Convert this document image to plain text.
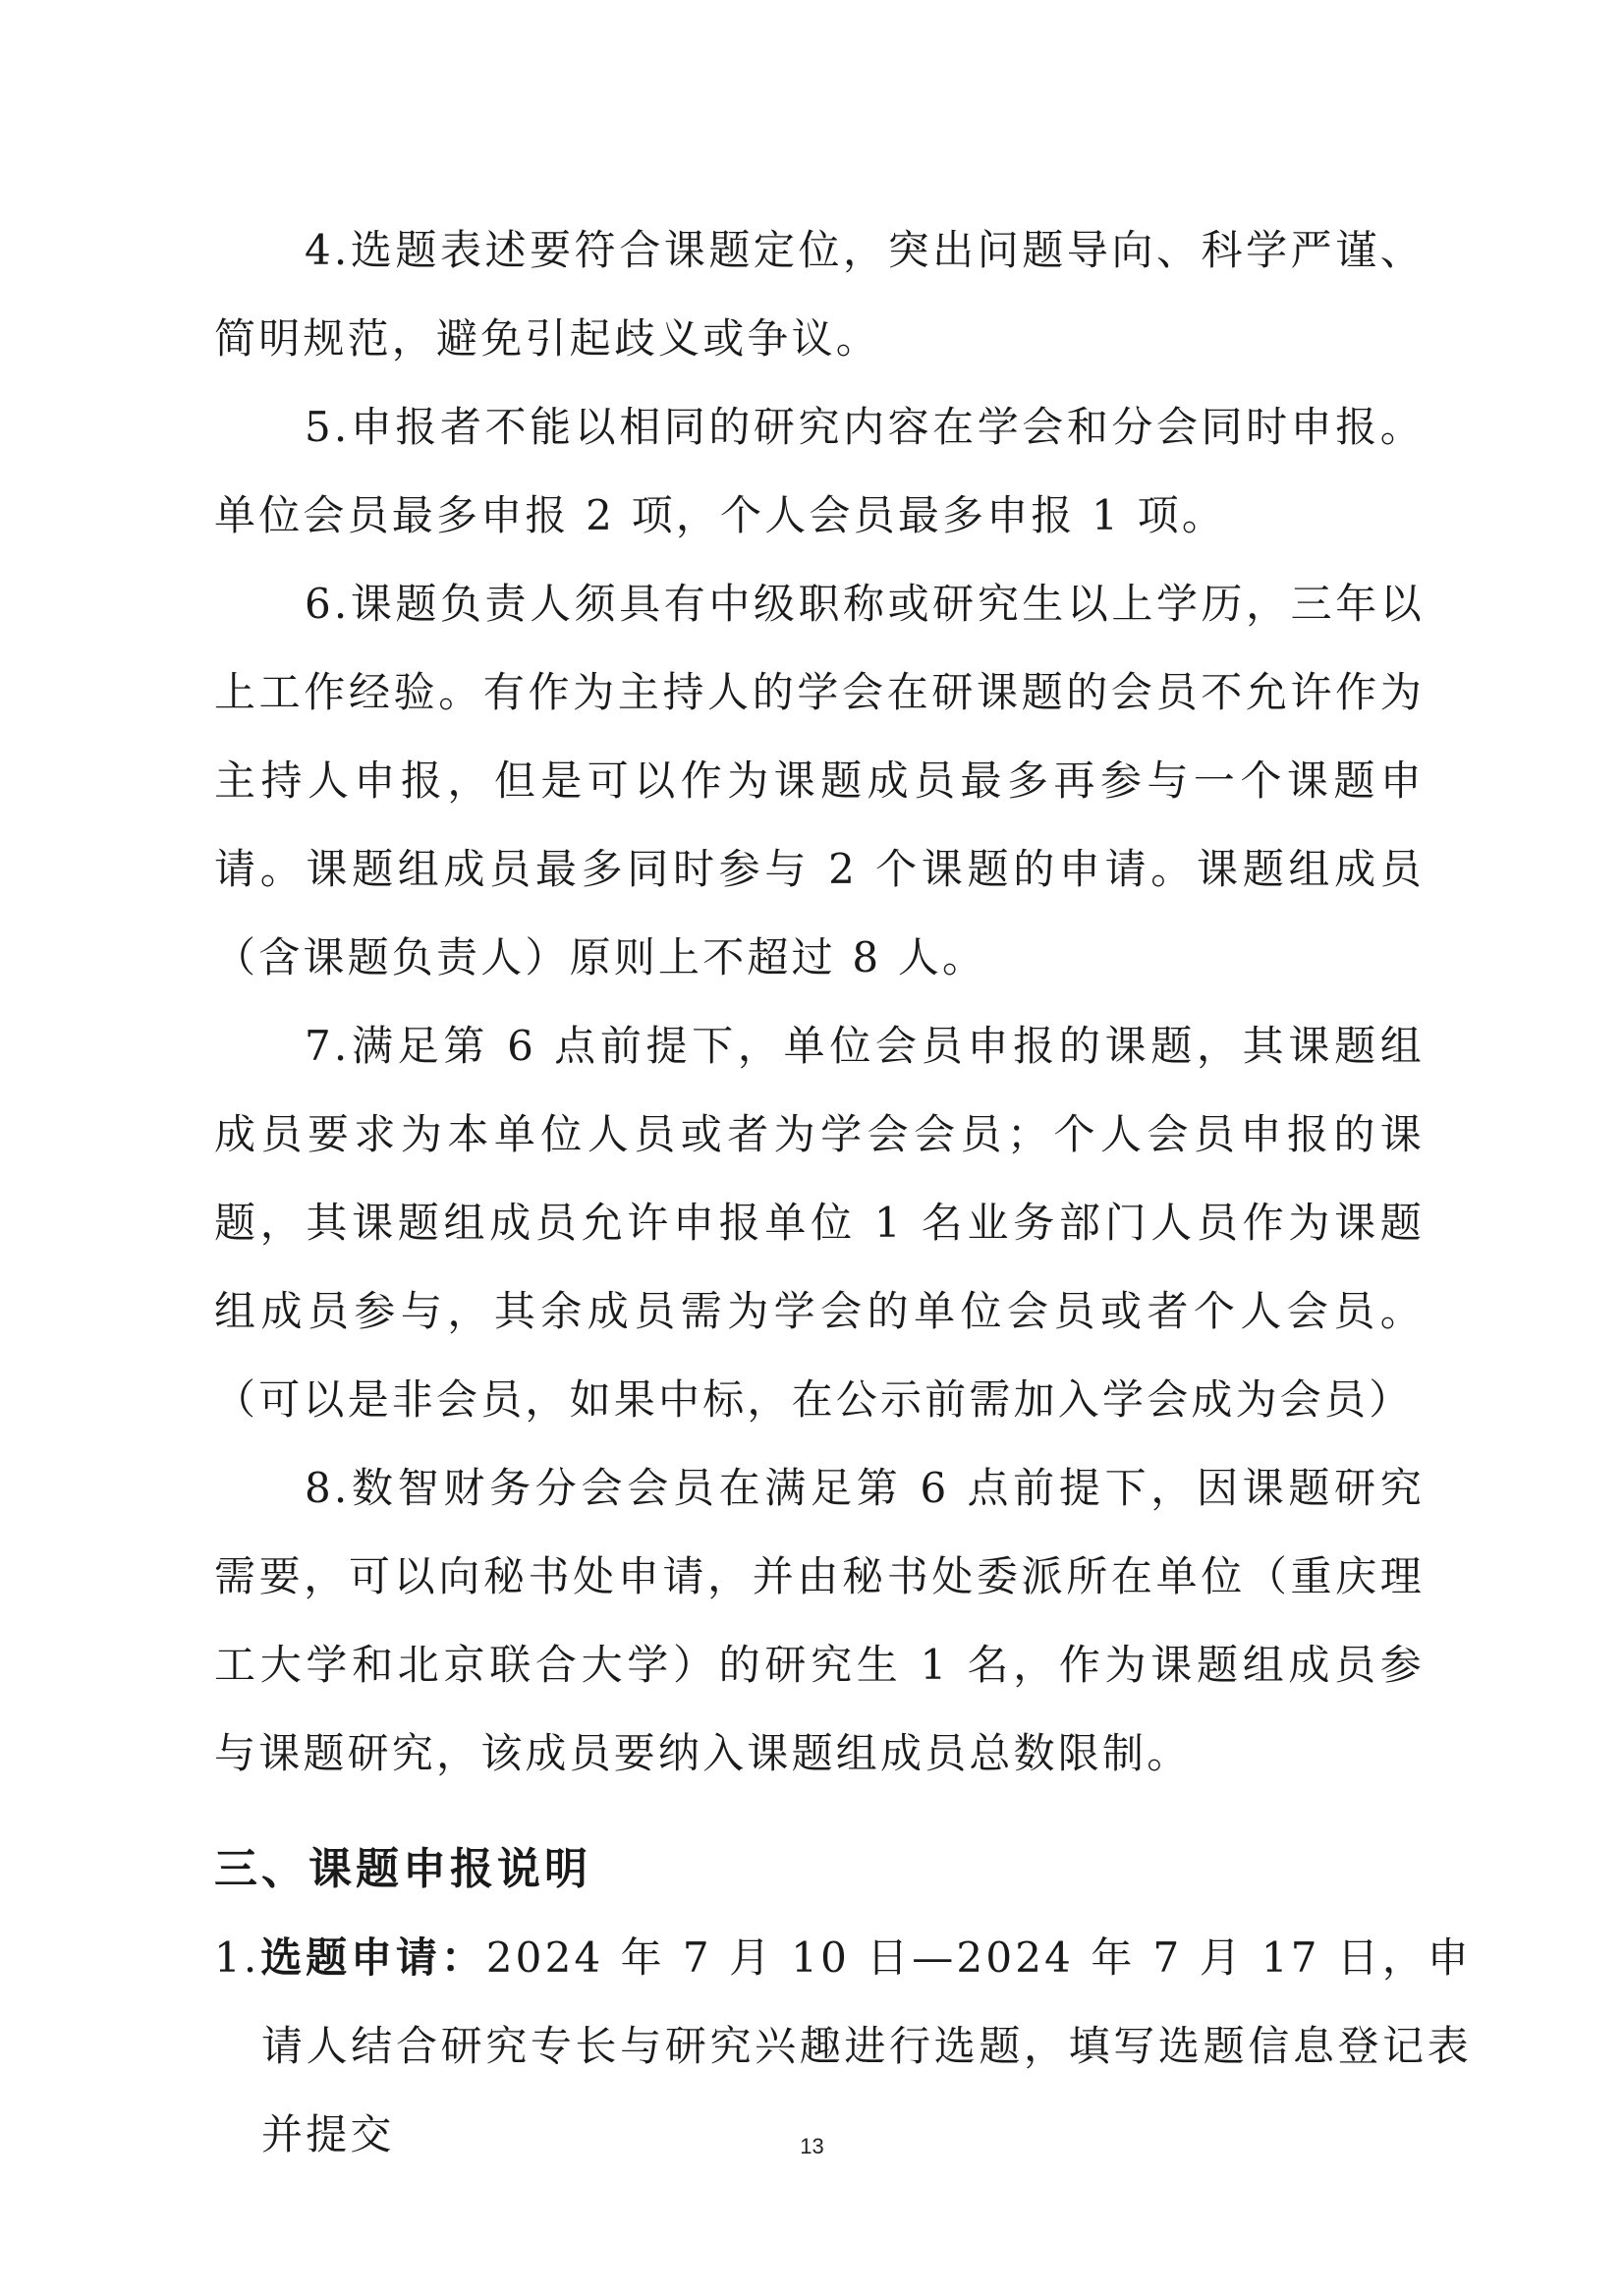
4.选题表述要符合课题定位，突出问题导向、科学严谨、简明规范，避免引起歧义或争议。

5.申报者不能以相同的研究内容在学会和分会同时申报。单位会员最多申报 2 项，个人会员最多申报 1 项。

6.课题负责人须具有中级职称或研究生以上学历，三年以上工作经验。有作为主持人的学会在研课题的会员不允许作为主持人申报，但是可以作为课题成员最多再参与一个课题申请。课题组成员最多同时参与 2 个课题的申请。课题组成员（含课题负责人）原则上不超过 8 人。

7.满足第 6 点前提下，单位会员申报的课题，其课题组成员要求为本单位人员或者为学会会员；个人会员申报的课题，其课题组成员允许申报单位 1 名业务部门人员作为课题组成员参与，其余成员需为学会的单位会员或者个人会员。（可以是非会员，如果中标，在公示前需加入学会成为会员）

8.数智财务分会会员在满足第 6 点前提下，因课题研究需要，可以向秘书处申请，并由秘书处委派所在单位（重庆理工大学和北京联合大学）的研究生 1 名，作为课题组成员参与课题研究，该成员要纳入课题组成员总数限制。

三、课题申报说明

1.选题申请：2024 年 7 月 10 日—2024 年 7 月 17 日，申请人结合研究专长与研究兴趣进行选题，填写选题信息登记表并提交	13
